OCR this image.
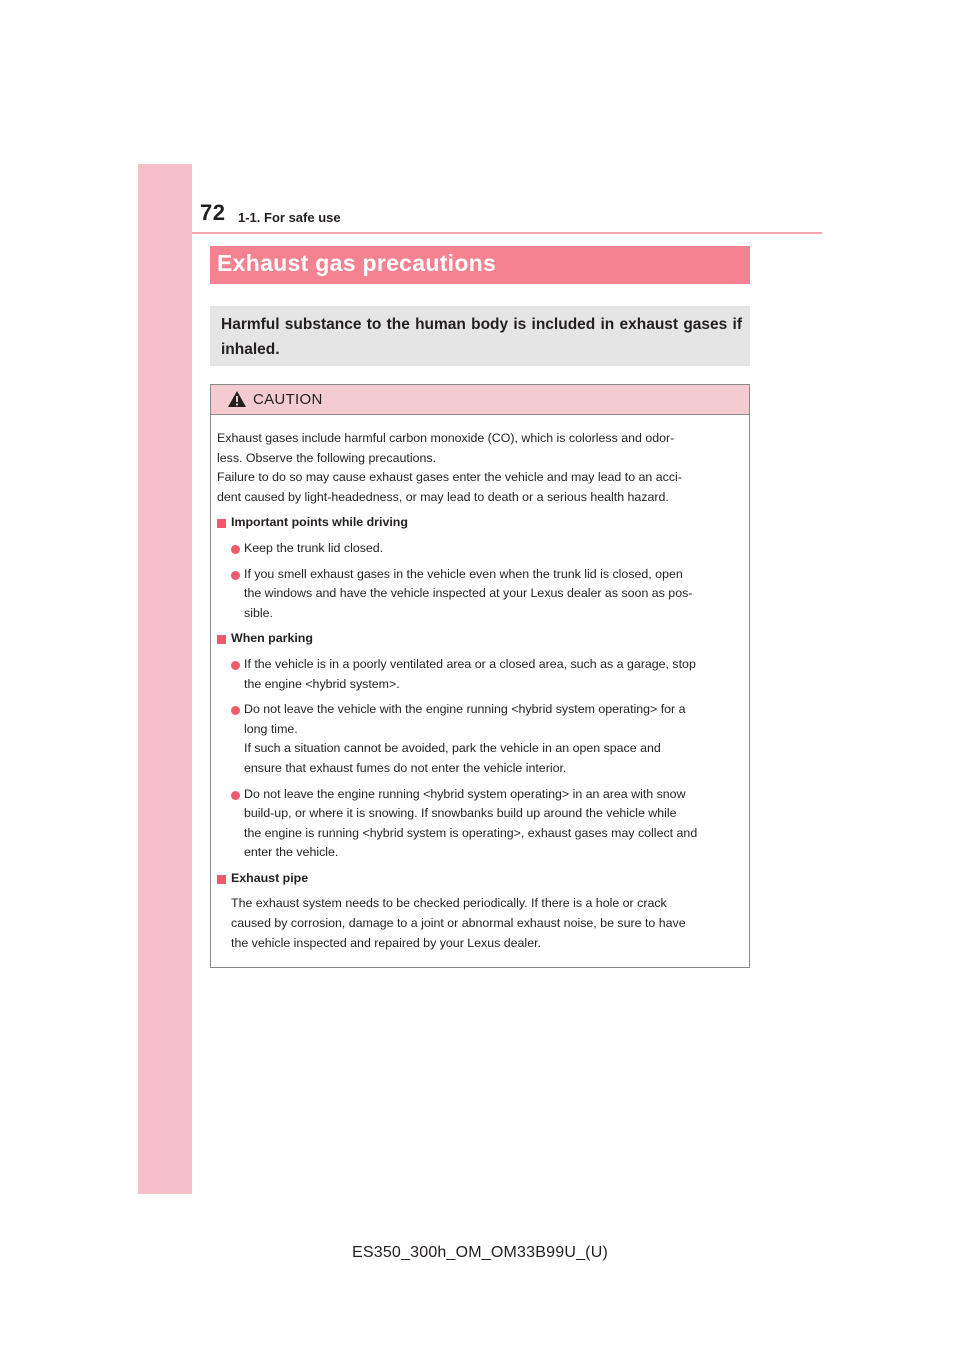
72 1-1. For safe use
Exhaust gas precautions
Harmful substance to the human body is included in exhaust gases if inhaled.
CAUTION
Exhaust gases include harmful carbon monoxide (CO), which is colorless and odor-
less. Observe the following precautions.
Failure to do so may cause exhaust gases enter the vehicle and may lead to an acci-
dent caused by light-headedness, or may lead to death or a serious health hazard.
Important points while driving
Keep the trunk lid closed.
If you smell exhaust gases in the vehicle even when the trunk lid is closed, open
the windows and have the vehicle inspected at your Lexus dealer as soon as pos-
sible.
When parking
If the vehicle is in a poorly ventilated area or a closed area, such as a garage, stop
the engine <hybrid system>.
Do not leave the vehicle with the engine running <hybrid system operating> for a
long time.
If such a situation cannot be avoided, park the vehicle in an open space and
ensure that exhaust fumes do not enter the vehicle interior.
Do not leave the engine running <hybrid system operating> in an area with snow
build-up, or where it is snowing. If snowbanks build up around the vehicle while
the engine is running <hybrid system is operating>, exhaust gases may collect and
enter the vehicle.
Exhaust pipe
The exhaust system needs to be checked periodically. If there is a hole or crack
caused by corrosion, damage to a joint or abnormal exhaust noise, be sure to have
the vehicle inspected and repaired by your Lexus dealer.
ES350_300h_OM_OM33B99U_(U)
